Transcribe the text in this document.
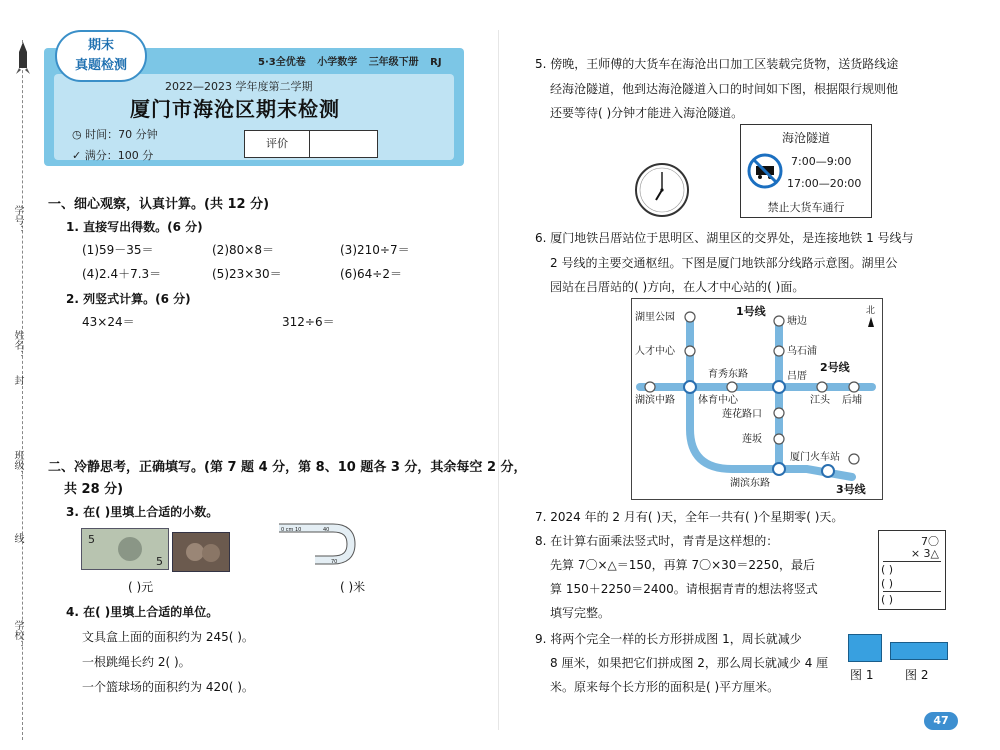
学号：
姓名：
封
班级：
线
学校：
期末
真题检测	5·3全优卷 小学数学 三年级下册 RJ
2022—2023 学年度第二学期
厦门市海沧区期末检测
◷ 时间：70 分钟
✓ 满分：100 分
评价
一、细心观察，认真计算。(共 12 分)
1. 直接写出得数。(6 分)
(1)59－35＝	(2)80×8＝	(3)210÷7＝
(4)2.4＋7.3＝	(5)23×30＝	(6)64÷2＝
2. 列竖式计算。(6 分)
43×24＝	312÷6＝
二、冷静思考，正确填写。(第 7 题 4 分，第 8、10 题各 3 分，其余每空 2 分，
共 28 分)
3. 在( )里填上合适的小数。
5
5
( )元
0 cm 10	40
70
( )米
4. 在( )里填上合适的单位。
文具盒上面的面积约为 245( )。
一根跳绳长约 2( )。
一个篮球场的面积约为 420( )。
5. 傍晚，王师傅的大货车在海沧出口加工区装载完货物，送货路线途
经海沧隧道，他到达海沧隧道入口的时间如下图，根据限行规则他
还要等待( )分钟才能进入海沧隧道。
海沧隧道
7:00—9:00
17:00—20:00
禁止大货车通行
6. 厦门地铁吕厝站位于思明区、湖里区的交界处，是连接地铁 1 号线与
2 号线的主要交通枢纽。下图是厦门地铁部分线路示意图。湖里公
园站在吕厝站的( )方向，在人才中心站的( )面。
湖里公园
人才中心
塘边
乌石浦
育秀东路	吕厝
湖滨中路 体育中心	江头 后埔
莲花路口
莲坂
厦门火车站
湖滨东路
北
1号线
2号线
3号线
7. 2024 年的 2 月有( )天，全年一共有( )个星期零( )天。
8. 在计算右面乘法竖式时，青青是这样想的：
先算 7〇×△＝150，再算 7〇×30＝2250，最后
算 150＋2250＝2400。请根据青青的想法将竖式
填写完整。
7〇
× 3△
( )
( )
( )
9. 将两个完全一样的长方形拼成图 1，周长就减少
8 厘米，如果把它们拼成图 2，那么周长就减少 4 厘
米。原来每个长方形的面积是( )平方厘米。
图 1	图 2
47
